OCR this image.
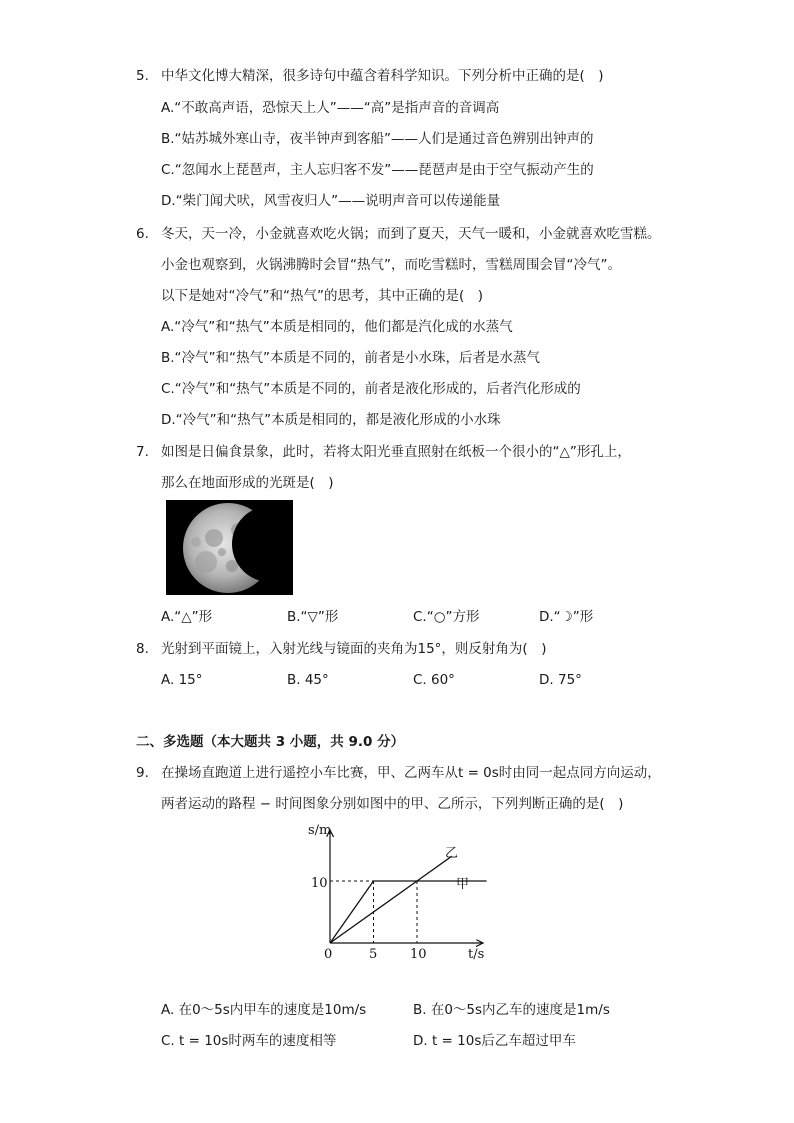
5. 中华文化博大精深，很多诗句中蕴含着科学知识。下列分析中正确的是(　)
A.“不敢高声语，恐惊天上人”——“高”是指声音的音调高
B.“姑苏城外寒山寺，夜半钟声到客船”——人们是通过音色辨别出钟声的
C.“忽闻水上琵琶声，主人忘归客不发”——琵琶声是由于空气振动产生的
D.“柴门闻犬吠，风雪夜归人”——说明声音可以传递能量
6. 冬天，天一冷，小金就喜欢吃火锅；而到了夏天，天气一暖和，小金就喜欢吃雪糕。
小金也观察到，火锅沸腾时会冒“热气”，而吃雪糕时，雪糕周围会冒“冷气”。
以下是她对“冷气”和“热气”的思考，其中正确的是(　)
A.“冷气”和“热气”本质是相同的，他们都是汽化成的水蒸气
B.“冷气”和“热气”本质是不同的，前者是小水珠，后者是水蒸气
C.“冷气”和“热气”本质是不同的，前者是液化形成的，后者汽化形成的
D.“冷气”和“热气”本质是相同的，都是液化形成的小水珠
7. 如图是日偏食景象，此时，若将太阳光垂直照射在纸板一个很小的“△”形孔上，
那么在地面形成的光斑是(　)
A.“△”形	B.“▽”形	C.“○”方形	D.“☽”形
8. 光射到平面镜上，入射光线与镜面的夹角为15°，则反射角为(　)
A. 15°	B. 45°	C. 60°	D. 75°
二、多选题（本大题共 3 小题，共 9.0 分）
9. 在操场直跑道上进行遥控小车比赛，甲、乙两车从t = 0s时由同一起点同方向运动，
两者运动的路程 − 时间图象分别如图中的甲、乙所示，下列判断正确的是(　)
s/m
t/s
0
10
5	10
甲
乙
A. 在0～5s内甲车的速度是10m/s	B. 在0～5s内乙车的速度是1m/s
C. t = 10s时两车的速度相等	D. t = 10s后乙车超过甲车
